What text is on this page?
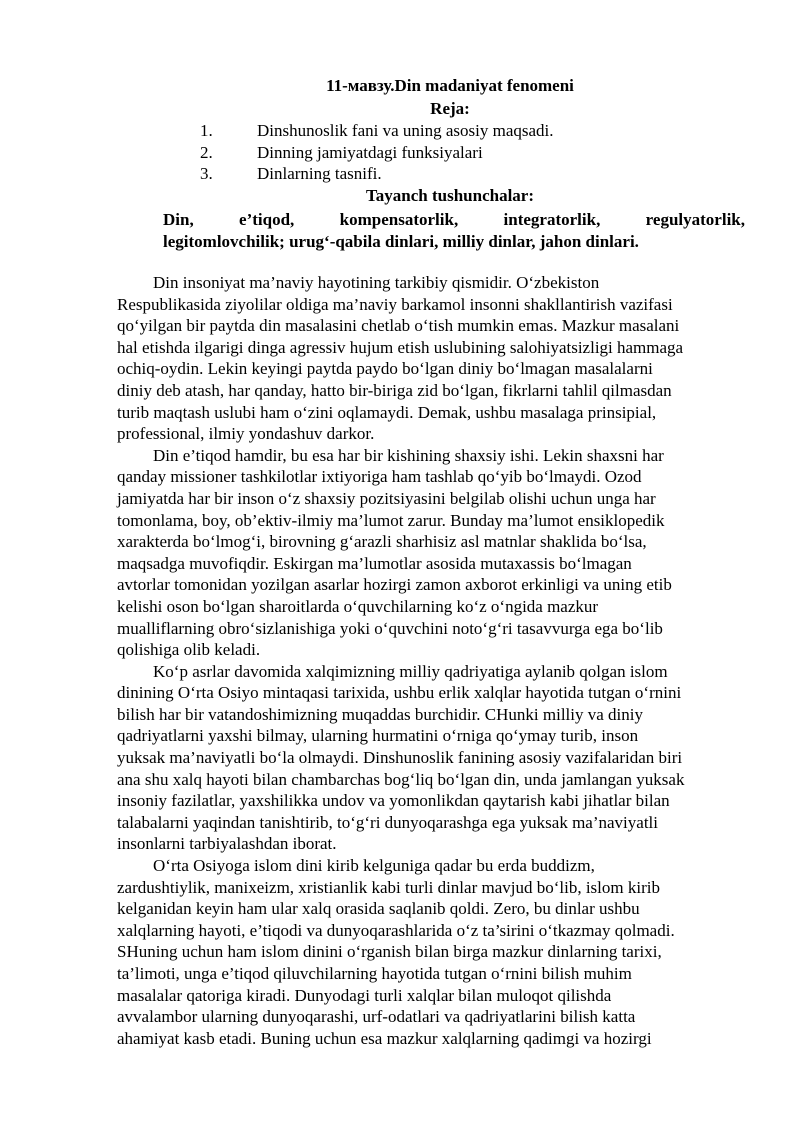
11-мавзу.Din madaniyat fenomeni
Reja:
1.	Dinshunoslik fani va uning asosiy maqsadi.
2.	Dinning jamiyatdagi funksiyalari
3.	Dinlarning tasnifi.
Tayanch tushunchalar:
Din, e’tiqod, kompensatorlik, integratorlik, regulyatorlik,
legitomlovchilik; urug‘-qabila dinlari, milliy dinlar, jahon dinlari.
Din insoniyat ma’naviy hayotining tarkibiy qismidir. O‘zbekiston
Respublikasida ziyolilar oldiga ma’naviy barkamol insonni shakllantirish vazifasi
qo‘yilgan bir paytda din masalasini chetlab o‘tish mumkin emas. Mazkur masalani
hal etishda ilgarigi dinga agressiv hujum etish uslubining salohiyatsizligi hammaga
ochiq-oydin. Lekin keyingi paytda paydo bo‘lgan diniy bo‘lmagan masalalarni
diniy deb atash, har qanday, hatto bir-biriga zid bo‘lgan, fikrlarni tahlil qilmasdan
turib maqtash uslubi ham o‘zini oqlamaydi. Demak, ushbu masalaga prinsipial,
professional, ilmiy yondashuv darkor.
Din e’tiqod hamdir, bu esa har bir kishining shaxsiy ishi. Lekin shaxsni har
qanday missioner tashkilotlar ixtiyoriga ham tashlab qo‘yib bo‘lmaydi. Ozod
jamiyatda har bir inson o‘z shaxsiy pozitsiyasini belgilab olishi uchun unga har
tomonlama, boy, ob’ektiv-ilmiy ma’lumot zarur. Bunday ma’lumot ensiklopedik
xarakterda bo‘lmog‘i, birovning g‘arazli sharhisiz asl matnlar shaklida bo‘lsa,
maqsadga muvofiqdir. Eskirgan ma’lumotlar asosida mutaxassis bo‘lmagan
avtorlar tomonidan yozilgan asarlar hozirgi zamon axborot erkinligi va uning etib
kelishi oson bo‘lgan sharoitlarda o‘quvchilarning ko‘z o‘ngida mazkur
mualliflarning obro‘sizlanishiga yoki o‘quvchini noto‘g‘ri tasavvurga ega bo‘lib
qolishiga olib keladi.
Ko‘p asrlar davomida xalqimizning milliy qadriyatiga aylanib qolgan islom
dinining O‘rta Osiyo mintaqasi tarixida, ushbu erlik xalqlar hayotida tutgan o‘rnini
bilish har bir vatandoshimizning muqaddas burchidir. CHunki milliy va diniy
qadriyatlarni yaxshi bilmay, ularning hurmatini o‘rniga qo‘ymay turib, inson
yuksak ma’naviyatli bo‘la olmaydi. Dinshunoslik fanining asosiy vazifalaridan biri
ana shu xalq hayoti bilan chambarchas bog‘liq bo‘lgan din, unda jamlangan yuksak
insoniy fazilatlar, yaxshilikka undov va yomonlikdan qaytarish kabi jihatlar bilan
talabalarni yaqindan tanishtirib, to‘g‘ri dunyoqarashga ega yuksak ma’naviyatli
insonlarni tarbiyalashdan iborat.
O‘rta Osiyoga islom dini kirib kelguniga qadar bu erda buddizm,
zardushtiylik, manixeizm, xristianlik kabi turli dinlar mavjud bo‘lib, islom kirib
kelganidan keyin ham ular xalq orasida saqlanib qoldi. Zero, bu dinlar ushbu
xalqlarning hayoti, e’tiqodi va dunyoqarashlarida o‘z ta’sirini o‘tkazmay qolmadi.
SHuning uchun ham islom dinini o‘rganish bilan birga mazkur dinlarning tarixi,
ta’limoti, unga e’tiqod qiluvchilarning hayotida tutgan o‘rnini bilish muhim
masalalar qatoriga kiradi. Dunyodagi turli xalqlar bilan muloqot qilishda
avvalambor ularning dunyoqarashi, urf-odatlari va qadriyatlarini bilish katta
ahamiyat kasb etadi. Buning uchun esa mazkur xalqlarning qadimgi va hozirgi
